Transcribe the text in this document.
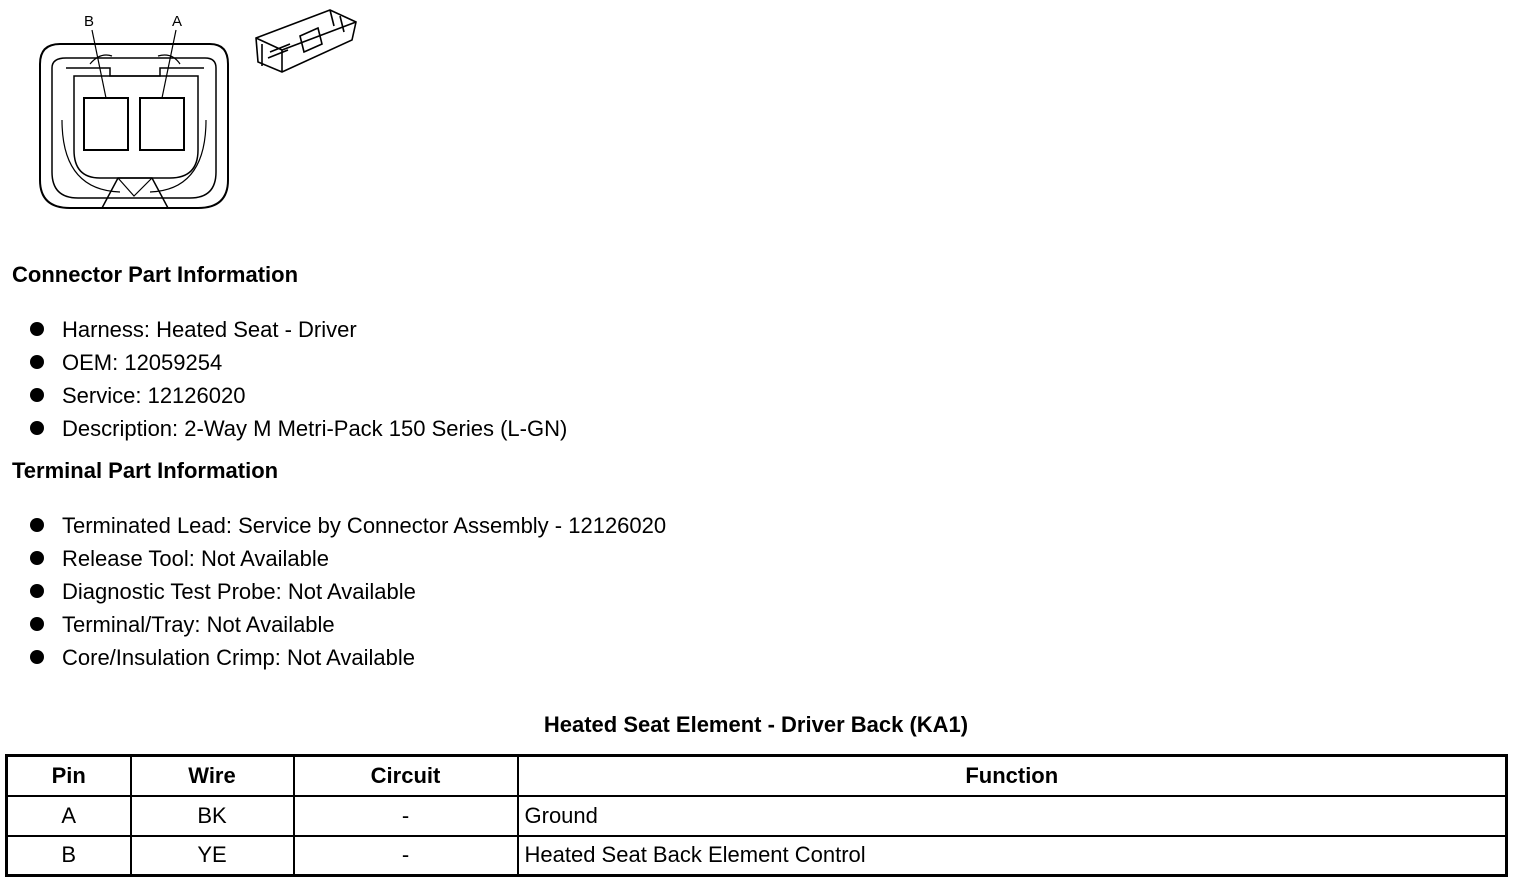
B	A
Connector Part Information
Harness: Heated Seat - Driver
OEM: 12059254
Service: 12126020
Description: 2-Way M Metri-Pack 150 Series (L-GN)
Terminal Part Information
Terminated Lead: Service by Connector Assembly - 12126020
Release Tool: Not Available
Diagnostic Test Probe: Not Available
Terminal/Tray: Not Available
Core/Insulation Crimp: Not Available
Heated Seat Element - Driver Back (KA1)
Pin	Wire	Circuit	Function
A	BK	-	Ground
B	YE	-	Heated Seat Back Element Control
